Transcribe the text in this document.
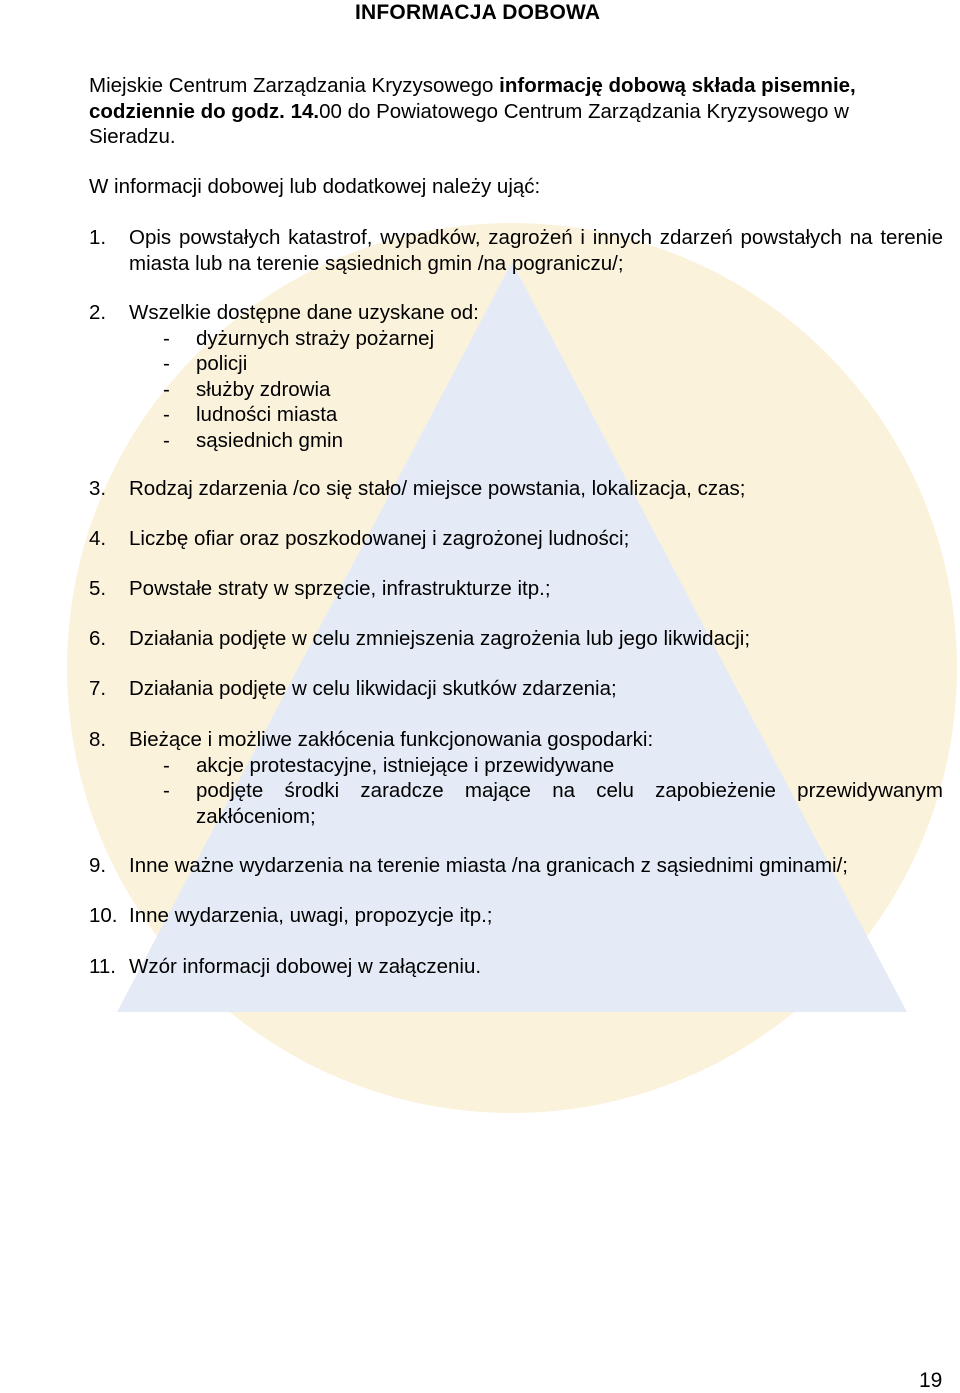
INFORMACJA DOBOWA

Miejskie Centrum Zarządzania Kryzysowego informację dobową składa pisemnie, codziennie do godz. 14.00 do Powiatowego Centrum Zarządzania Kryzysowego w Sieradzu.

W informacji dobowej lub dodatkowej należy ująć:

1.	Opis powstałych katastrof, wypadków, zagrożeń i innych zdarzeń powstałych na terenie miasta lub na terenie sąsiednich gmin /na pograniczu/;
2.	Wszelkie dostępne dane uzyskane od:
- dyżurnych straży pożarnej
- policji
- służby zdrowia
- ludności miasta
- sąsiednich gmin
3.	Rodzaj zdarzenia /co się stało/ miejsce powstania, lokalizacja, czas;
4.	Liczbę ofiar oraz poszkodowanej i zagrożonej ludności;
5.	Powstałe straty w sprzęcie, infrastrukturze itp.;
6.	Działania podjęte w celu zmniejszenia zagrożenia lub jego likwidacji;
7.	Działania podjęte w celu likwidacji skutków zdarzenia;
8.	Bieżące i możliwe zakłócenia funkcjonowania gospodarki:
- akcje protestacyjne, istniejące i przewidywane
- podjęte środki zaradcze mające na celu zapobieżenie przewidywanym zakłóceniom;
9.	Inne ważne wydarzenia na terenie miasta /na granicach z sąsiednimi gminami/;
10. Inne wydarzenia, uwagi, propozycje itp.;
11. Wzór informacji dobowej w załączeniu.

19
